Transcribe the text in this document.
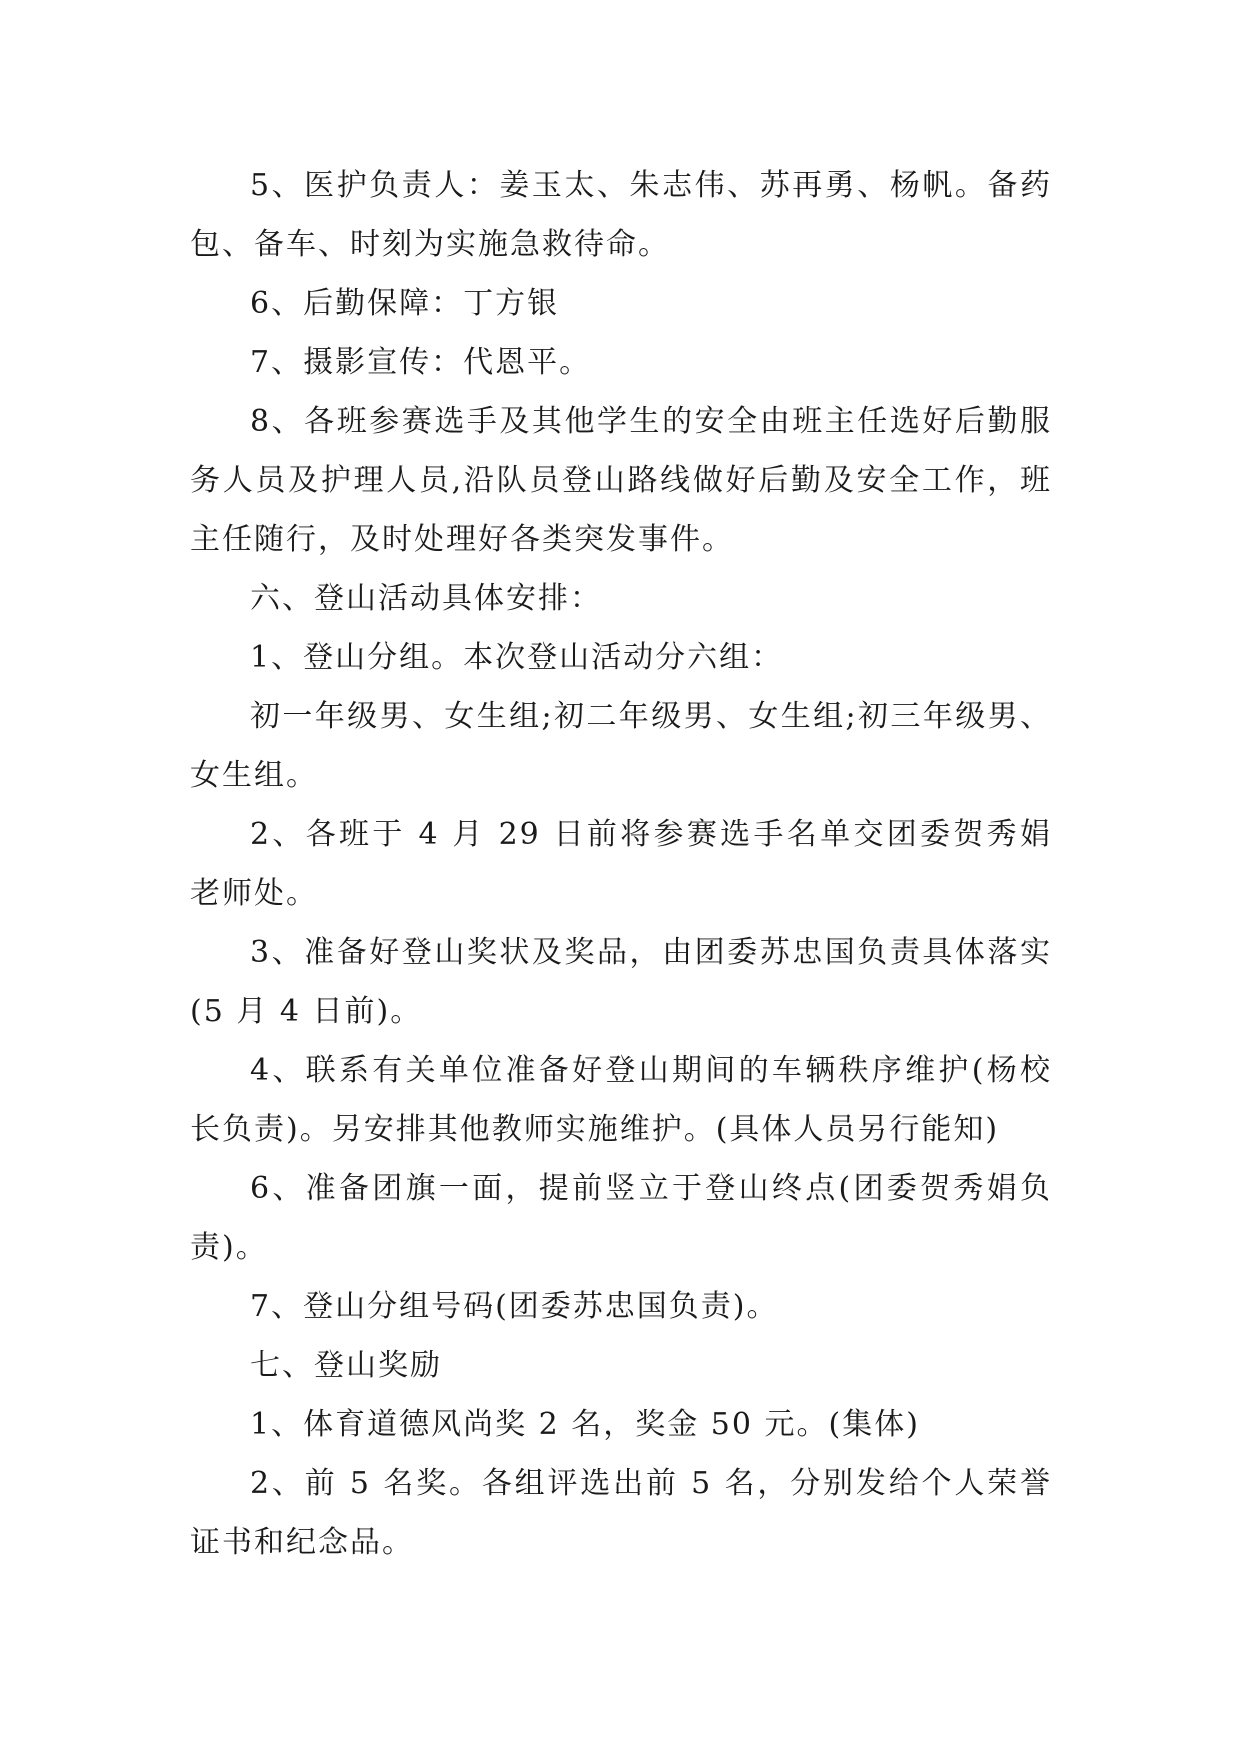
5、医护负责人：姜玉太、朱志伟、苏再勇、杨帆。备药包、备车、时刻为实施急救待命。

6、后勤保障：丁方银

7、摄影宣传：代恩平。

8、各班参赛选手及其他学生的安全由班主任选好后勤服务人员及护理人员,沿队员登山路线做好后勤及安全工作，班主任随行，及时处理好各类突发事件。

六、登山活动具体安排：

1、登山分组。本次登山活动分六组：

初一年级男、女生组;初二年级男、女生组;初三年级男、女生组。

2、各班于 4 月 29 日前将参赛选手名单交团委贺秀娟老师处。

3、准备好登山奖状及奖品，由团委苏忠国负责具体落实(5 月 4 日前)。

4、联系有关单位准备好登山期间的车辆秩序维护(杨校长负责)。另安排其他教师实施维护。(具体人员另行能知)

6、准备团旗一面，提前竖立于登山终点(团委贺秀娟负责)。

7、登山分组号码(团委苏忠国负责)。

七、登山奖励

1、体育道德风尚奖 2 名，奖金 50 元。(集体)

2、前 5 名奖。各组评选出前 5 名，分别发给个人荣誉证书和纪念品。
